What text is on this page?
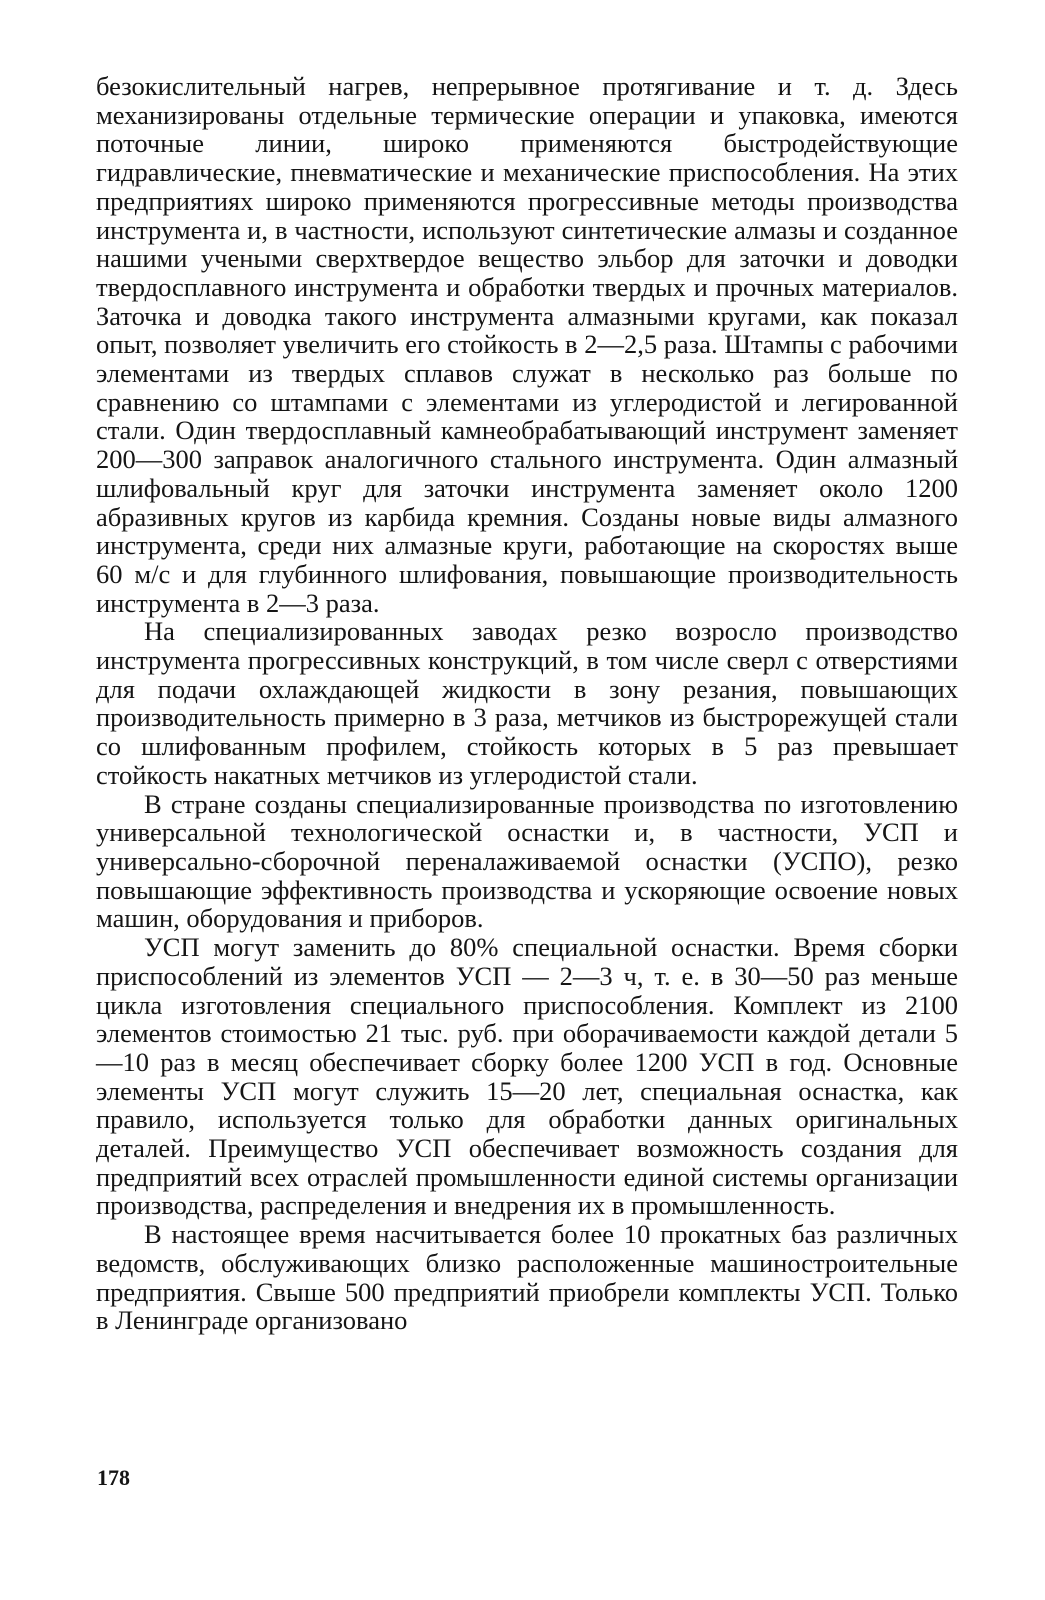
безокислительный нагрев, непрерывное протягивание и т. д. Здесь механизированы отдельные термические операции и упаковка, имеются поточные линии, широко применяются быстродействующие гидравлические, пневматические и механические приспособления. На этих предприятиях широко применяются прогрессивные методы производства инструмента и, в частности, используют синтетические алмазы и созданное нашими учеными сверхтвердое вещество эльбор для заточки и доводки твердосплавного инструмента и обработки твердых и прочных материалов. Заточка и доводка такого инструмента алмазными кругами, как показал опыт, позволяет увеличить его стойкость в 2—2,5 раза. Штампы с рабочими элементами из твердых сплавов служат в несколько раз больше по сравнению со штампами с элементами из углеродистой и легированной стали. Один твердосплавный камнеобрабатывающий инструмент заменяет 200—300 заправок аналогичного стального инструмента. Один алмазный шлифовальный круг для заточки инструмента заменяет около 1200 абразивных кругов из карбида кремния. Созданы новые виды алмазного инструмента, среди них алмазные круги, работающие на скоростях выше 60 м/с и для глубинного шлифования, повышающие производительность инструмента в 2—3 раза.

На специализированных заводах резко возросло производство инструмента прогрессивных конструкций, в том числе сверл с отверстиями для подачи охлаждающей жидкости в зону резания, повышающих производительность примерно в 3 раза, метчиков из быстрорежущей стали со шлифованным профилем, стойкость которых в 5 раз превышает стойкость накатных метчиков из углеродистой стали.

В стране созданы специализированные производства по изготовлению универсальной технологической оснастки и, в частности, УСП и универсально-сборочной переналаживаемой оснастки (УСПО), резко повышающие эффективность производства и ускоряющие освоение новых машин, оборудования и приборов.

УСП могут заменить до 80% специальной оснастки. Время сборки приспособлений из элементов УСП — 2—3 ч, т. е. в 30—50 раз меньше цикла изготовления специального приспособления. Комплект из 2100 элементов стоимостью 21 тыс. руб. при оборачиваемости каждой детали 5—10 раз в месяц обеспечивает сборку более 1200 УСП в год. Основные элементы УСП могут служить 15—20 лет, специальная оснастка, как правило, используется только для обработки данных оригинальных деталей. Преимущество УСП обеспечивает возможность создания для предприятий всех отраслей промышленности единой системы организации производства, распределения и внедрения их в промышленность.

В настоящее время насчитывается более 10 прокатных баз различных ведомств, обслуживающих близко расположенные машиностроительные предприятия. Свыше 500 предприятий приобрели комплекты УСП. Только в Ленинграде организовано

178
